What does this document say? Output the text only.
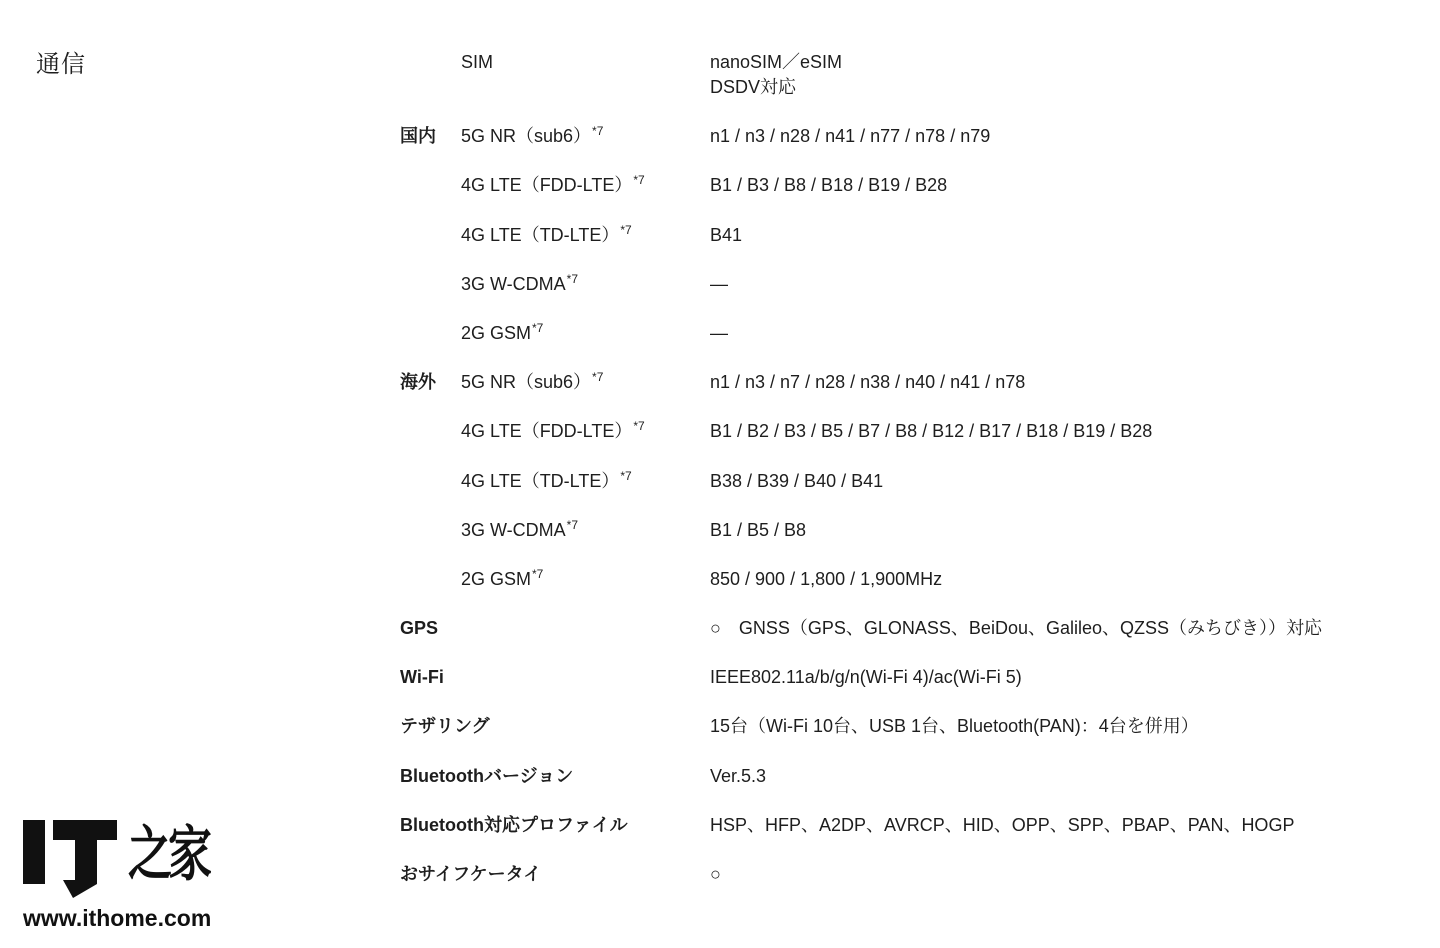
通信	SIM	nanoSIM／eSIM
DSDV対応
国内	5G $NR(sub6)^{*7}$	n1 / n3 / n28 / n41 / n77 / n78 / n79
4G $LTE(FDD-LTE)^{*7}$	B1 / B3 / B8 / B18 / B19 / B28
4G $LTE(TD-LTE)^{*7}$	B41
3G W-CDMA$^{*7}$	—
2G GSM$^{*7}$	—
海外	5G $NR(sub6)^{*7}$	n1 / n3 / n7 / n28 / n38 / n40 / n41 / n78
4G $LTE(FDD-LTE)^{*7}$	B1 / B2 / B3 / B5 / B7 / B8 / B12 / B17 / B18 / B19 / B28
4G $LTE(TD-LTE)^{*7}$	B38 / B39 / B40 / B41
3G W-CDMA$^{*7}$	B1 / B5 / B8
2G GSM$^{*7}$	850 / 900 / 1,800 / 1,900MHz
GPS	○　GNSS（GPS、GLONASS、BeiDou、Galileo、QZSS（みちびき））対応
Wi-Fi	IEEE802.11a/b/g/n(Wi-Fi 4)/ac(Wi-Fi 5)
テザリング	15台（Wi-Fi 10台、USB 1台、Bluetooth(PAN)：4台を併用）
Bluetoothバージョン	Ver.5.3
Bluetooth対応プロファイル	HSP、HFP、A2DP、AVRCP、HID、OPP、SPP、PBAP、PAN、HOGP
おサイフケータイ	○
之家
www.ithome.com
